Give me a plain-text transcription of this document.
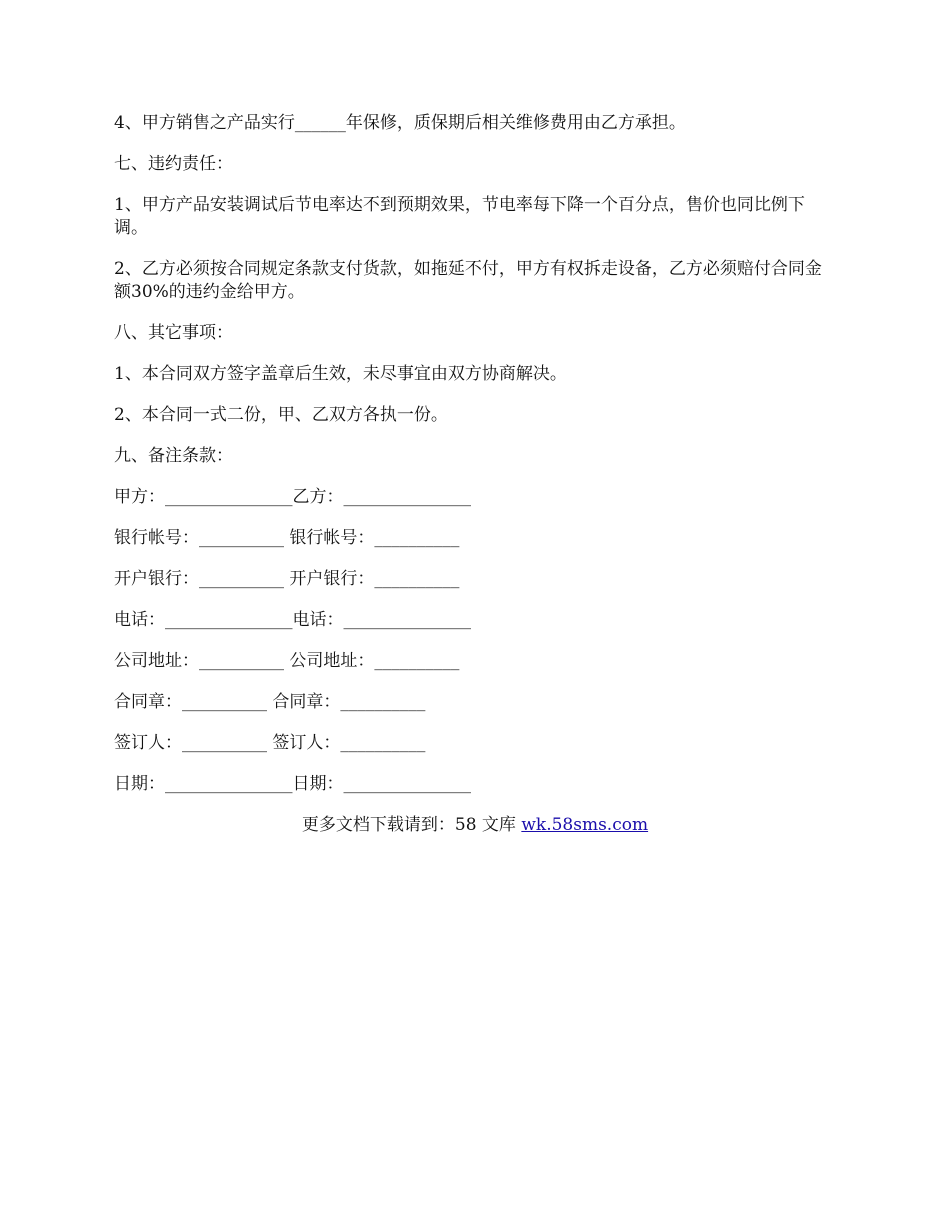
4、甲方销售之产品实行______年保修，质保期后相关维修费用由乙方承担。

七、违约责任：

1、甲方产品安装调试后节电率达不到预期效果，节电率每下降一个百分点，售价也同比例下调。

2、乙方必须按合同规定条款支付货款，如拖延不付，甲方有权拆走设备，乙方必须赔付合同金额30%的违约金给甲方。

八、其它事项：

1、本合同双方签字盖章后生效，未尽事宜由双方协商解决。

2、本合同一式二份，甲、乙双方各执一份。

九、备注条款：

甲方：_______________乙方：_______________

银行帐号：__________ 银行帐号：__________

开户银行：__________ 开户银行：__________

电话：_______________电话：_______________

公司地址：__________ 公司地址：__________

合同章：__________ 合同章：__________

签订人：__________ 签订人：__________

日期：_______________日期：_______________

更多文档下载请到：58 文库 wk.58sms.com
